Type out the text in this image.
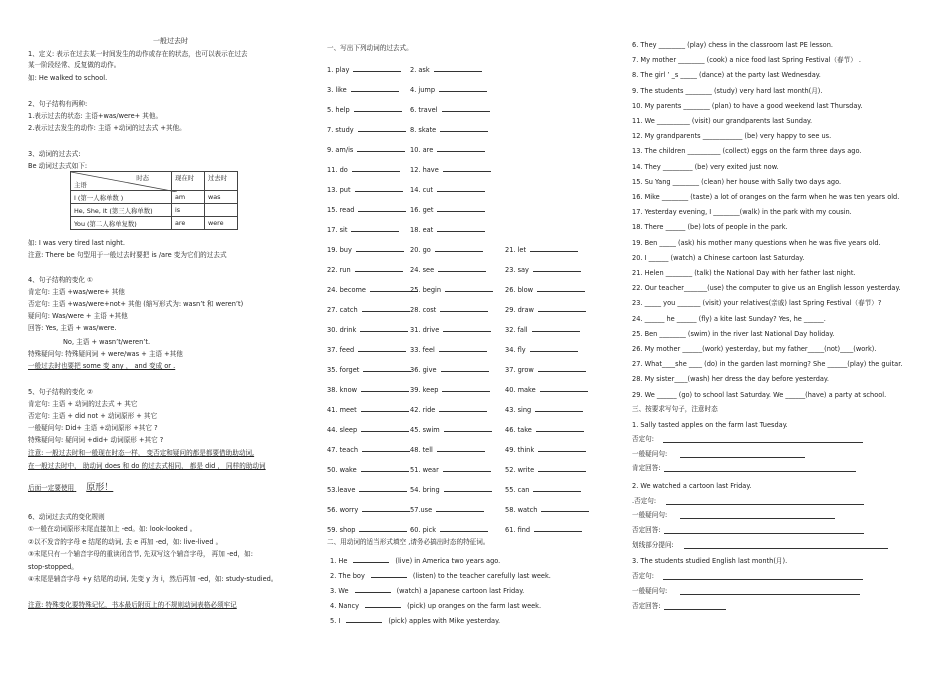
一般过去时
1、定义: 表示在过去某一时间发生的动作或存在的状态，也可以表示在过去
某一阶段经常、反复做的动作。
如: He walked to school.
2、句子结构有两种:
1.表示过去的状态: 主语+was/were+ 其他。
2.表示过去发生的动作: 主语 +动词的过去式 +其他。
3、动词的过去式:
Be 动词过去式如下:
时态
主语	现在时	过去时
I (第一人称单数 )	am	was
He, She, It (第三人称单数)	is	
You (第二人称单复数)	are	were
如: I was very tired last night.
注意: There be 句型用于一般过去时要把 is /are 变为它们的过去式
4、句子结构的变化 ①
肯定句: 主语 +was/were+ 其他
否定句: 主语 +was/were+not+ 其他 (缩写形式为: wasn’t 和 weren’t)
疑问句: Was/were + 主语 +其他
回答: Yes, 主语 + was/were.
No, 主语 + wasn’t/weren’t.
特殊疑问句: 特殊疑问词 + were/was + 主语 +其他
一般过去时也要把 some 变 any ， and 变成 or .
5、句子结构的变化 ②
肯定句: 主语 + 动词的过去式 + 其它
否定句: 主语 + did not + 动词原形 + 其它
一般疑问句: Did+ 主语 +动词原形 +其它 ?
特殊疑问句: 疑问词 +did+ 动词原形 +其它 ?
注意: 一般过去时和一般现在时态一样， 变否定和疑问的都是都要借助助动词,
在一般过去时中， 助动词 does 和 do 的过去式相同， 都是 did ， 同样的助动词
后面一定要使用 原形！
6、动词过去式的变化规则
①一般在动词原形末尾直接加上 -ed。如: look-looked 。
②以不发音的字母 e 结尾的动词, 去 e 再加 -ed，如: live-lived 。
③末尾只有一个辅音字母的重读闭音节, 先双写这个辅音字母， 再加 -ed，如:
stop-stopped。
④末尾是辅音字母 +y 结尾的动词, 先变 y 为 i，然后再加 -ed，如: study-studied。
注意: 特殊变化要特殊记忆，书本最后附页上的不规则动词表格必须牢记
一、写出下列动词的过去式。
1. play	2. ask
3. like	4. jump
5. help	6. travel
7. study	8. skate
9. am/is	10. are
11. do	12. have
13. put	14. cut
15. read	16. get
17. sit	18. eat
19. buy	20. go	21. let
22. run	24. see	23. say
24. become	25. begin	26. blow
27. catch	28. cost	29. draw
30. drink	31. drive	32. fall
37. feed	33. feel	34. fly
35. forget	36. give	37. grow
38. know	39. keep	40. make
41. meet	42. ride	43. sing
44. sleep	45. swim	46. take
47. teach	48. tell	49. think
50. wake	51. wear	52. write
53.leave	54. bring	55. can
56. worry	57.use	58. watch
59. shop	60. pick	61. find
二、用动词的适当形式填空 ,请务必搞出时态的特征词。
1. He	(live) in America two years ago.
2. The boy	(listen) to the teacher carefully last week.
3. We	(watch) a Japanese cartoon last Friday.
4. Nancy	(pick) up oranges on the farm last week.
5. I	(pick) apples with Mike yesterday.
6. They ________ (play) chess in the classroom last PE lesson.
7. My mother ________ (cook) a nice food last Spring Festival（春节） .
8. The girl ’ _s _____ (dance) at the party last Wednesday.
9. The students ________ (study) very hard last month(月).
10. My parents ________ (plan) to have a good weekend last Thursday.
11. We __________ (visit) our grandparents last Sunday.
12. My grandparents ____________ (be) very happy to see us.
13. The children __________ (collect) eggs on the farm three days ago.
14. They _________ (be) very exited just now.
15. Su Yang ________ (clean) her house with Sally two days ago.
16. Mike ________ (taste) a lot of oranges on the farm when he was ten years old.
17. Yesterday evening, I ________(walk) in the park with my cousin.
18. There ______ (be) lots of people in the park.
19. Ben _____ (ask) his mother many questions when he was five years old.
20. I ______ (watch) a Chinese cartoon last Saturday.
21. Helen ________ (talk) the National Day with her father last night.
22. Our teacher_______(use) the computer to give us an English lesson yesterday.
23. _____ you _______ (visit) your relatives(亲戚) last Spring Festival（春节）?
24. ______ he ______ (fly) a kite last Sunday? Yes, he ______.
25. Ben ________ (swim) in the river last National Day holiday.
26. My mother ______(work) yesterday, but my father_____(not)____(work).
27. What____she ____ (do) in the garden last morning? She ______(play) the guitar.
28. My sister____(wash) her dress the day before yesterday.
29. We ______ (go) to school last Saturday. We ______(have) a party at school.
三、按要求写句子，注意时态
1. Sally tasted apples on the farm last Tuesday.
否定句:
一般疑问句:
肯定回答:
2. We watched a cartoon last Friday.
.否定句:
一般疑问句:
否定回答:
划线部分提问:
3. The students studied English last month(月).
否定句:
一般疑问句:
否定回答:
